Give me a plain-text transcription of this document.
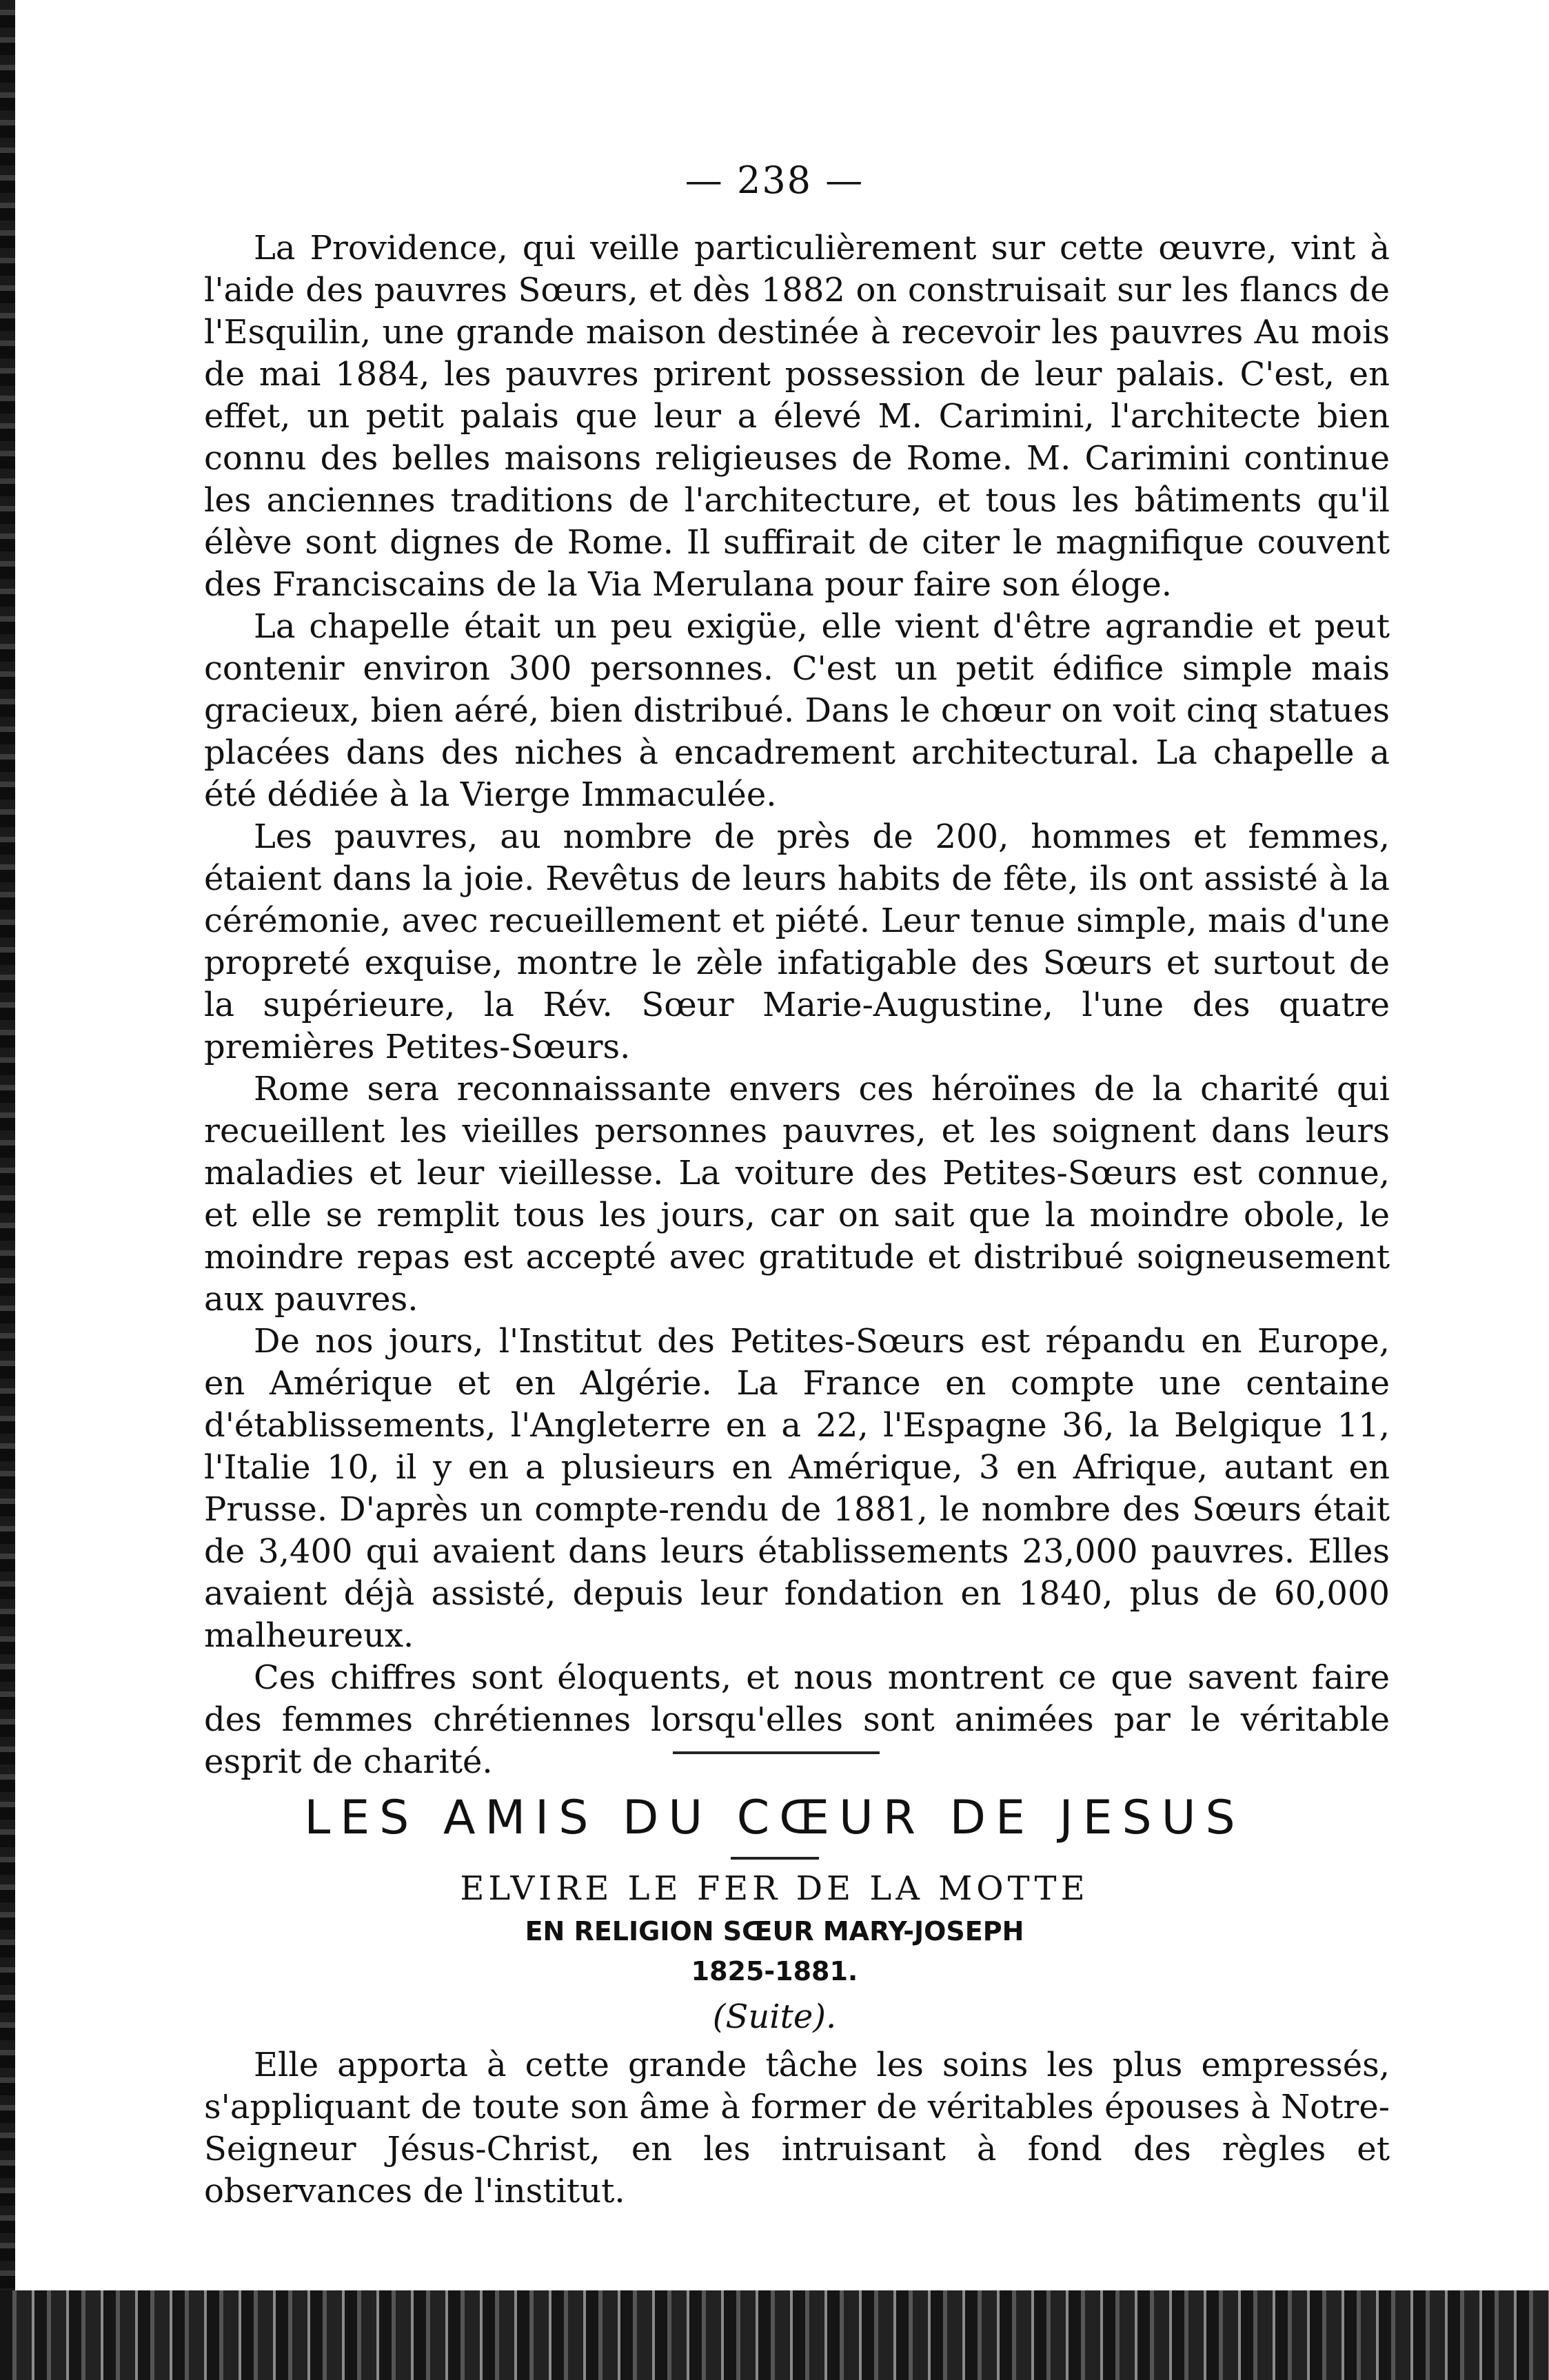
— 238 —

La Providence, qui veille particulièrement sur cette œuvre, vint à l'aide des pauvres Sœurs, et dès 1882 on construisait sur les flancs de l'Esquilin, une grande maison destinée à recevoir les pauvres Au mois de mai 1884, les pauvres prirent possession de leur palais. C'est, en effet, un petit palais que leur a élevé M. Carimini, l'architecte bien connu des belles maisons religieuses de Rome. M. Carimini continue les anciennes traditions de l'architecture, et tous les bâtiments qu'il élève sont dignes de Rome. Il suffirait de citer le magnifique couvent des Franciscains de la Via Merulana pour faire son éloge.

La chapelle était un peu exigüe, elle vient d'être agrandie et peut contenir environ 300 personnes. C'est un petit édifice simple mais gracieux, bien aéré, bien distribué. Dans le chœur on voit cinq statues placées dans des niches à encadrement architectural. La chapelle a été dédiée à la Vierge Immaculée.

Les pauvres, au nombre de près de 200, hommes et femmes, étaient dans la joie. Revêtus de leurs habits de fête, ils ont assisté à la cérémonie, avec recueillement et piété. Leur tenue simple, mais d'une propreté exquise, montre le zèle infatigable des Sœurs et surtout de la supérieure, la Rév. Sœur Marie-Augustine, l'une des quatre premières Petites-Sœurs.

Rome sera reconnaissante envers ces héroïnes de la charité qui recueillent les vieilles personnes pauvres, et les soignent dans leurs maladies et leur vieillesse. La voiture des Petites-Sœurs est connue, et elle se remplit tous les jours, car on sait que la moindre obole, le moindre repas est accepté avec gratitude et distribué soigneusement aux pauvres.

De nos jours, l'Institut des Petites-Sœurs est répandu en Europe, en Amérique et en Algérie. La France en compte une centaine d'établissements, l'Angleterre en a 22, l'Espagne 36, la Belgique 11, l'Italie 10, il y en a plusieurs en Amérique, 3 en Afrique, autant en Prusse. D'après un compte-rendu de 1881, le nombre des Sœurs était de 3,400 qui avaient dans leurs établissements 23,000 pauvres. Elles avaient déjà assisté, depuis leur fondation en 1840, plus de 60,000 malheureux.

Ces chiffres sont éloquents, et nous montrent ce que savent faire des femmes chrétiennes lorsqu'elles sont animées par le véritable esprit de charité.

LES AMIS DU CŒUR DE JESUS
ELVIRE LE FER DE LA MOTTE
EN RELIGION SŒUR MARY-JOSEPH
1825-1881.
(Suite).

Elle apporta à cette grande tâche les soins les plus empressés, s'appliquant de toute son âme à former de véritables épouses à Notre-Seigneur Jésus-Christ, en les intruisant à fond des règles et observances de l'institut.
